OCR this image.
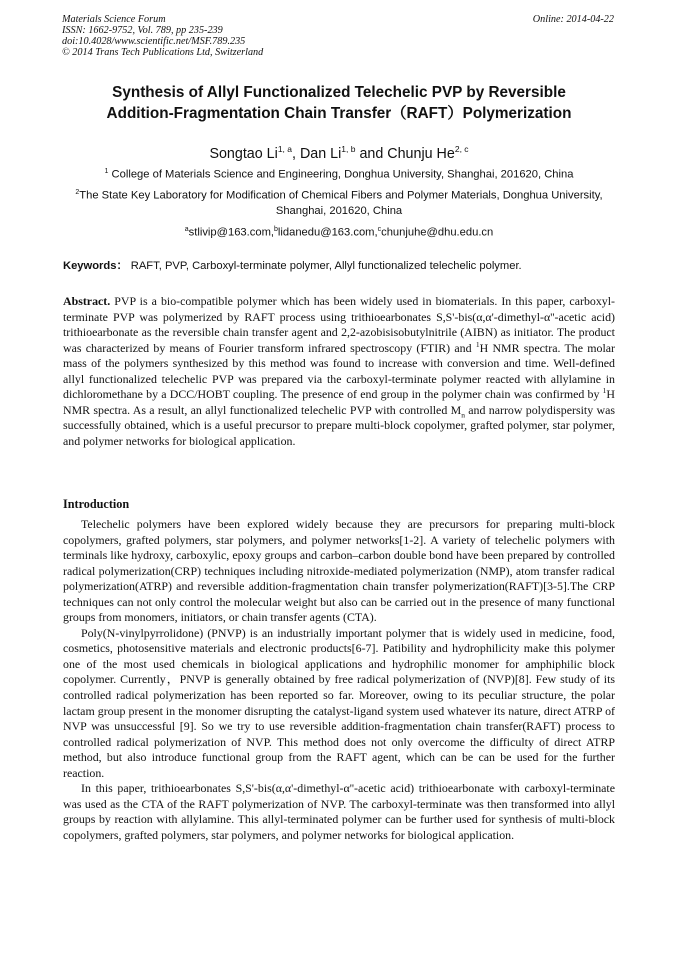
Materials Science Forum
ISSN: 1662-9752, Vol. 789, pp 235-239
doi:10.4028/www.scientific.net/MSF.789.235
© 2014 Trans Tech Publications Ltd, Switzerland
Online: 2014-04-22
Synthesis of Allyl Functionalized Telechelic PVP by Reversible
Addition-Fragmentation Chain Transfer（RAFT）Polymerization
Songtao Li$^{1, a}$, Dan Li$^{1, b}$ and Chunju He$^{2, c}$
$^1$ College of Materials Science and Engineering, Donghua University, Shanghai, 201620, China
$^2$The State Key Laboratory for Modification of Chemical Fibers and Polymer Materials, Donghua University, Shanghai, 201620, China
$^a$stlivip@163.com,$^b$lidanedu@163.com,$^c$chunjuhe@dhu.edu.cn
Keywords： RAFT, PVP, Carboxyl-terminate polymer, Allyl functionalized telechelic polymer.
Abstract. PVP is a bio-compatible polymer which has been widely used in biomaterials. In this paper, carboxyl-terminate PVP was polymerized by RAFT process using trithioearbonates S,S'-bis(α,α'-dimethyl-α''-acetic acid) trithioearbonate as the reversible chain transfer agent and 2,2-azobisisobutylnitrile (AIBN) as initiator. The product was characterized by means of Fourier transform infrared spectroscopy (FTIR) and $^1$H NMR spectra. The molar mass of the polymers synthesized by this method was found to increase with conversion and time. Well-defined allyl functionalized telechelic PVP was prepared via the carboxyl-terminate polymer reacted with allylamine in dichloromethane by a DCC/HOBT coupling. The presence of end group in the polymer chain was confirmed by $^1$H NMR spectra. As a result, an allyl functionalized telechelic PVP with controlled $M_n$ and narrow polydispersity was successfully obtained, which is a useful precursor to prepare multi-block copolymer, grafted polymer, star polymer, and polymer networks for biological application.
Introduction

Telechelic polymers have been explored widely because they are precursors for preparing multi-block copolymers, grafted polymers, star polymers, and polymer networks[1-2]. A variety of telechelic polymers with terminals like hydroxy, carboxylic, epoxy groups and carbon–carbon double bond have been prepared by controlled radical polymerization(CRP) techniques including nitroxide-mediated polymerization (NMP), atom transfer radical polymerization(ATRP) and reversible addition-fragmentation chain transfer polymerization(RAFT)[3-5].The CRP techniques can not only control the molecular weight but also can be carried out in the presence of many functional groups from monomers, initiators, or chain transfer agents (CTA).

Poly(N-vinylpyrrolidone) (PNVP) is an industrially important polymer that is widely used in medicine, food, cosmetics, photosensitive materials and electronic products[6-7]. Patibility and hydrophilicity make this polymer one of the most used chemicals in biological applications and hydrophilic monomer for amphiphilic block copolymer. Currently，PNVP is generally obtained by free radical polymerization of (NVP)[8]. Few study of its controlled radical polymerization has been reported so far. Moreover, owing to its peculiar structure, the polar lactam group present in the monomer disrupting the catalyst-ligand system used whatever its nature, direct ATRP of NVP was unsuccessful [9]. So we try to use reversible addition-fragmentation chain transfer(RAFT) process to controlled radical polymerization of NVP. This method does not only overcome the difficulty of direct ATRP method, but also introduce functional group from the RAFT agent, which can be can be used for the further reaction.

In this paper, trithioearbonates S,S'-bis(α,α'-dimethyl-α''-acetic acid) trithioearbonate with carboxyl-terminate was used as the CTA of the RAFT polymerization of NVP. The carboxyl-terminate was then transformed into allyl groups by reaction with allylamine. This allyl-terminated polymer can be further used for synthesis of multi-block copolymers, grafted polymers, star polymers, and polymer networks for biological application.
